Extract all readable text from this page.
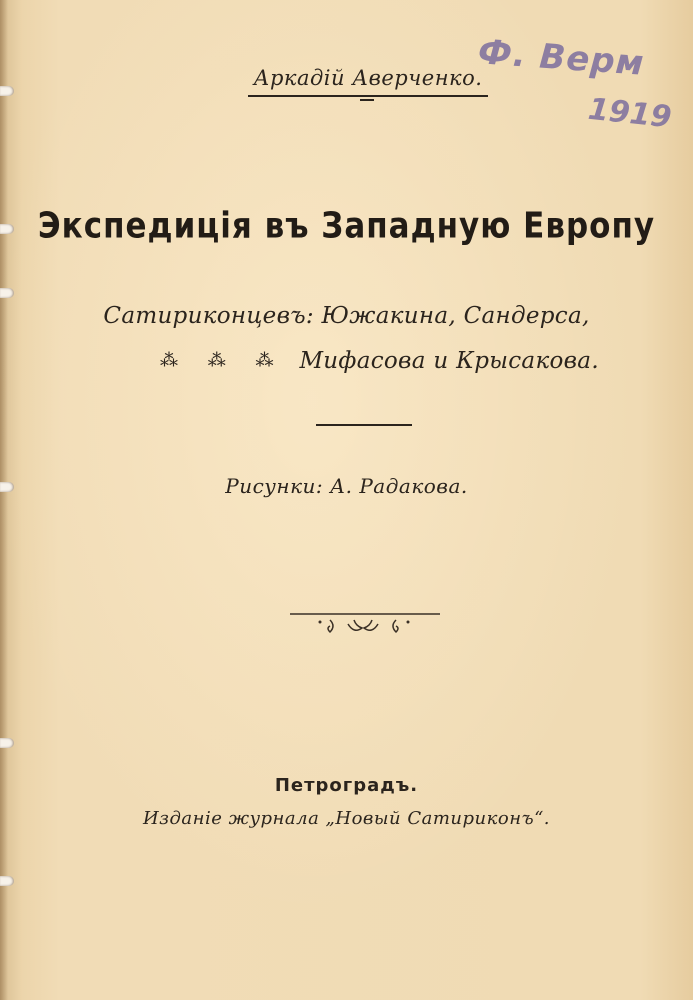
Ф. Верм
1919
Аркадій Аверченко.
Экспедиція въ Западную Европу
Сатириконцевъ: Южакина, Сандерса,
⁂ ⁂ ⁂ Мифасова и Крысакова.
Рисунки: А. Радакова.
Петроградъ.
Изданіе журнала „Новый Сатириконъ“.
